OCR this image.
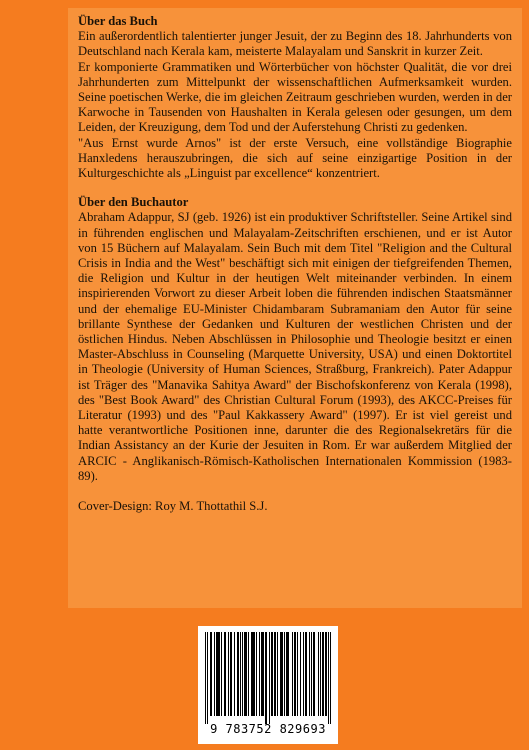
Über das Buch

Ein außerordentlich talentierter junger Jesuit, der zu Beginn des 18. Jahrhunderts von Deutschland nach Kerala kam, meisterte Malayalam und Sanskrit in kurzer Zeit.

Er komponierte Grammatiken und Wörterbücher von höchster Qualität, die vor drei Jahrhunderten zum Mittelpunkt der wissenschaftlichen Aufmerksamkeit wurden. Seine poetischen Werke, die im gleichen Zeitraum geschrieben wurden, werden in der Karwoche in Tausenden von Haushalten in Kerala gelesen oder gesungen, um dem Leiden, der Kreuzigung, dem Tod und der Auferstehung Christi zu gedenken.

"Aus Ernst wurde Arnos" ist der erste Versuch, eine vollständige Biographie Hanxledens herauszubringen, die sich auf seine einzigartige Position in der Kulturgeschichte als „Linguist par excellence“ konzentriert.

Über den Buchautor

Abraham Adappur, SJ (geb. 1926) ist ein produktiver Schriftsteller. Seine Artikel sind in führenden englischen und Malayalam-Zeitschriften erschienen, und er ist Autor von 15 Büchern auf Malayalam. Sein Buch mit dem Titel "Religion and the Cultural Crisis in India and the West" beschäftigt sich mit einigen der tiefgreifenden Themen, die Religion und Kultur in der heutigen Welt miteinander verbinden. In einem inspirierenden Vorwort zu dieser Arbeit loben die führenden indischen Staatsmänner und der ehemalige EU-Minister Chidambaram Subramaniam den Autor für seine brillante Synthese der Gedanken und Kulturen der westlichen Christen und der östlichen Hindus. Neben Abschlüssen in Philosophie und Theologie besitzt er einen Master-Abschluss in Counseling (Marquette University, USA) und einen Doktortitel in Theologie (University of Human Sciences, Straßburg, Frankreich). Pater Adappur ist Träger des "Manavika Sahitya Award" der Bischofskonferenz von Kerala (1998), des "Best Book Award" des Christian Cultural Forum (1993), des AKCC-Preises für Literatur (1993) und des "Paul Kakkassery Award" (1997). Er ist viel gereist und hatte verantwortliche Positionen inne, darunter die des Regionalsekretärs für die Indian Assistancy an der Kurie der Jesuiten in Rom. Er war außerdem Mitglied der ARCIC - Anglikanisch-Römisch-Katholischen Internationalen Kommission (1983-89).

Cover-Design: Roy M. Thottathil S.J.

9 783752 829693
